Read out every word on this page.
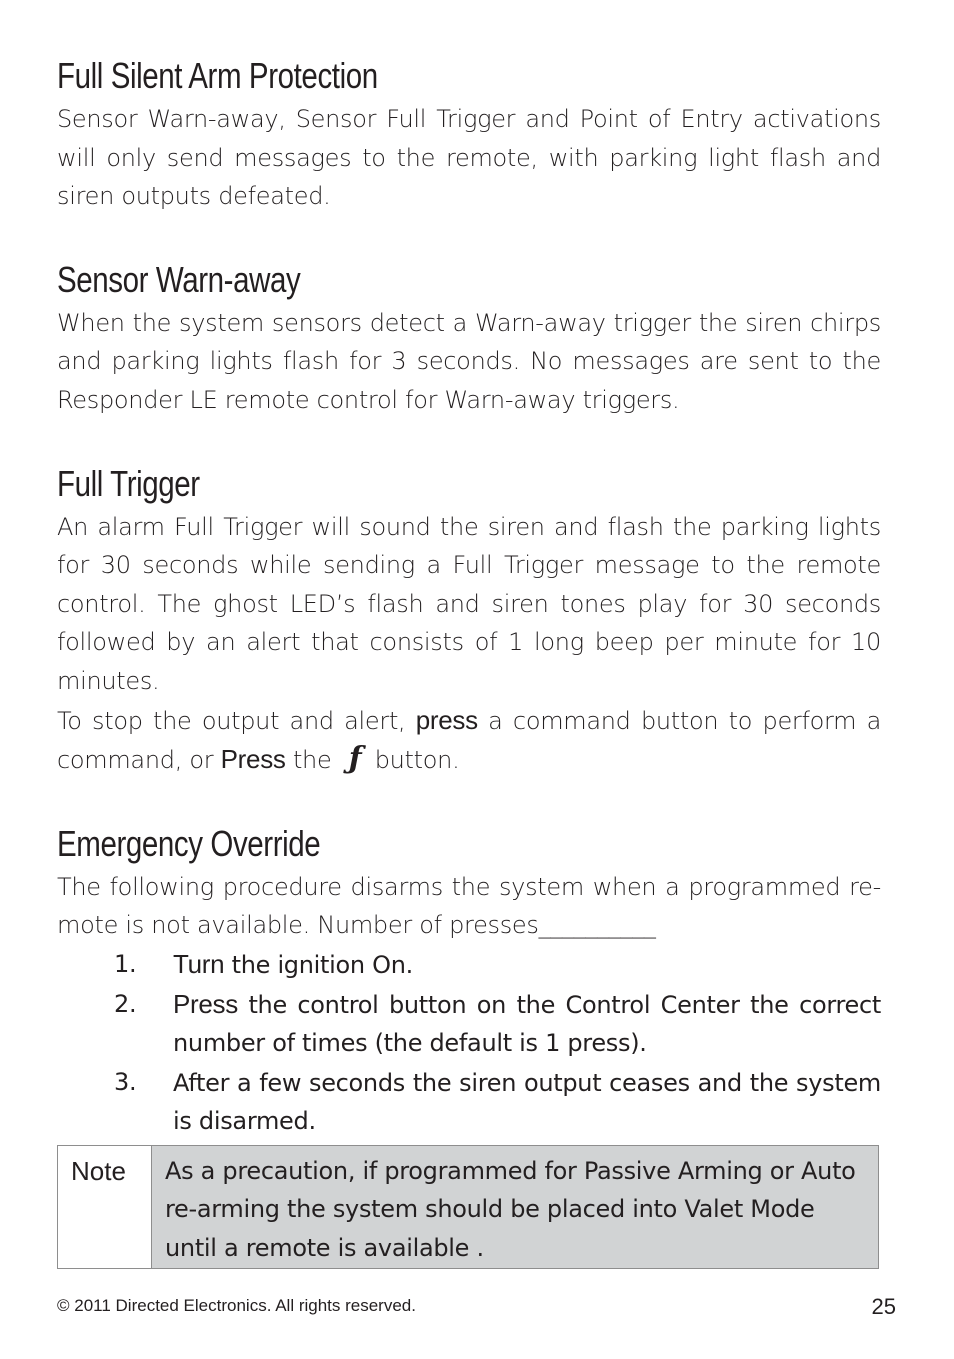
Full Silent Arm Protection

Sensor Warn-away, Sensor Full Trigger and Point of Entry activations will only send messages to the remote, with parking light flash and siren outputs defeated.

Sensor Warn-away

When the system sensors detect a Warn-away trigger the siren chirps and parking lights flash for 3 seconds. No messages are sent to the Responder LE remote control for Warn-away triggers.

Full Trigger

An alarm Full Trigger will sound the siren and flash the parking lights for 30 seconds while sending a Full Trigger message to the remote control. The ghost LED’s flash and siren tones play for 30 seconds followed by an alert that consists of 1 long beep per minute for 10 minutes.

To stop the output and alert, press a command button to perform a command, or Press the ƒ button.

Emergency Override

The following procedure disarms the system when a programmed re-mote is not available. Number of presses__________

1. Turn the ignition On.
2. Press the control button on the Control Center the correct number of times (the default is 1 press).
3. After a few seconds the siren output ceases and the system is disarmed.
Note	As a precaution, if programmed for Passive Arming or Auto re-arming the system should be placed into Valet Mode until a remote is available .
© 2011 Directed Electronics. All rights reserved.	25
